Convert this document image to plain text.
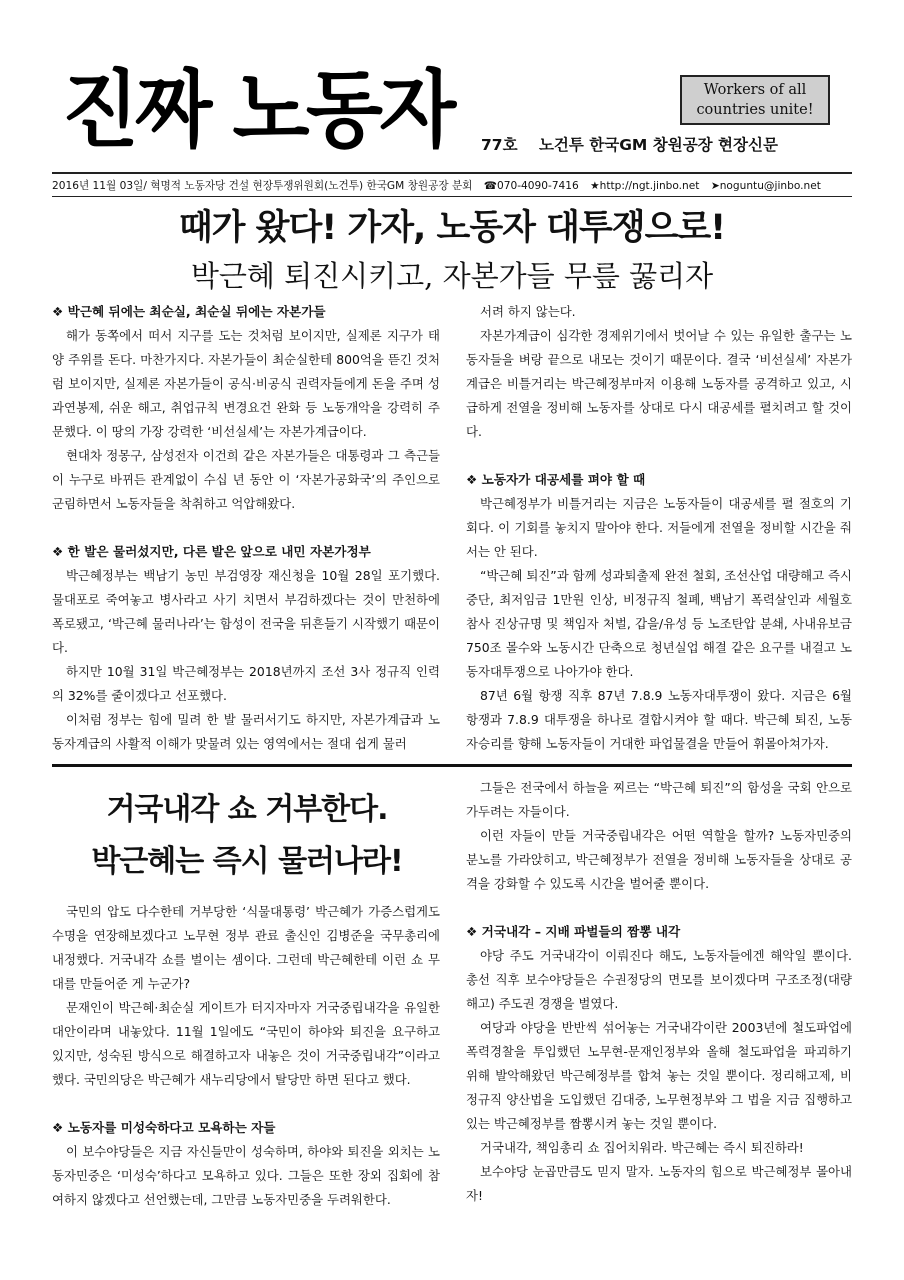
진짜 노동자	Workers of all
countries unite!
77호 노건투 한국GM 창원공장 현장신문
2016년 11월 03일/ 혁명적 노동자당 건설 현장투쟁위원회(노건투) 한국GM 창원공장 분회 ☎070-4090-7416 ★http://ngt.jinbo.net ➤noguntu@jinbo.net
때가 왔다! 가자, 노동자 대투쟁으로!
박근혜 퇴진시키고, 자본가들 무릎 꿇리자

❖ 박근혜 뒤에는 최순실, 최순실 뒤에는 자본가들

해가 동쪽에서 떠서 지구를 도는 것처럼 보이지만, 실제론 지구가 태양 주위를 돈다. 마찬가지다. 자본가들이 최순실한테 800억을 뜯긴 것처럼 보이지만, 실제론 자본가들이 공식·비공식 권력자들에게 돈을 주며 성과연봉제, 쉬운 해고, 취업규칙 변경요건 완화 등 노동개악을 강력히 주문했다. 이 땅의 가장 강력한 ‘비선실세’는 자본가계급이다.

현대차 정몽구, 삼성전자 이건희 같은 자본가들은 대통령과 그 측근들이 누구로 바뀌든 관계없이 수십 년 동안 이 ‘자본가공화국’의 주인으로 군림하면서 노동자들을 착취하고 억압해왔다.

❖ 한 발은 물러섰지만, 다른 발은 앞으로 내민 자본가정부

박근혜정부는 백남기 농민 부검영장 재신청을 10월 28일 포기했다. 물대포로 죽여놓고 병사라고 사기 치면서 부검하겠다는 것이 만천하에 폭로됐고, ‘박근혜 물러나라’는 함성이 전국을 뒤흔들기 시작했기 때문이다.

하지만 10월 31일 박근혜정부는 2018년까지 조선 3사 정규직 인력의 32%를 줄이겠다고 선포했다.

이처럼 정부는 힘에 밀려 한 발 물러서기도 하지만, 자본가계급과 노동자계급의 사활적 이해가 맞물려 있는 영역에서는 절대 쉽게 물러

서려 하지 않는다.

자본가계급이 심각한 경제위기에서 벗어날 수 있는 유일한 출구는 노동자들을 벼랑 끝으로 내모는 것이기 때문이다. 결국 ‘비선실세’ 자본가계급은 비틀거리는 박근혜정부마저 이용해 노동자를 공격하고 있고, 시급하게 전열을 정비해 노동자를 상대로 다시 대공세를 펼치려고 할 것이다.

❖ 노동자가 대공세를 펴야 할 때

박근혜정부가 비틀거리는 지금은 노동자들이 대공세를 펼 절호의 기회다. 이 기회를 놓치지 말아야 한다. 저들에게 전열을 정비할 시간을 줘서는 안 된다.

“박근혜 퇴진”과 함께 성과퇴출제 완전 철회, 조선산업 대량해고 즉시 중단, 최저임금 1만원 인상, 비정규직 철폐, 백남기 폭력살인과 세월호 참사 진상규명 및 책임자 처벌, 갑을/유성 등 노조탄압 분쇄, 사내유보금 750조 몰수와 노동시간 단축으로 청년실업 해결 같은 요구를 내걸고 노동자대투쟁으로 나아가야 한다.

87년 6월 항쟁 직후 87년 7.8.9 노동자대투쟁이 왔다. 지금은 6월 항쟁과 7.8.9 대투쟁을 하나로 결합시켜야 할 때다. 박근혜 퇴진, 노동자승리를 향해 노동자들이 거대한 파업물결을 만들어 휘몰아쳐가자.

거국내각 쇼 거부한다.
박근혜는 즉시 물러나라!

국민의 압도 다수한테 거부당한 ‘식물대통령’ 박근혜가 가증스럽게도 수명을 연장해보겠다고 노무현 정부 관료 출신인 김병준을 국무총리에 내정했다. 거국내각 쇼를 벌이는 셈이다. 그런데 박근혜한테 이런 쇼 무대를 만들어준 게 누군가?

문재인이 박근혜·최순실 게이트가 터지자마자 거국중립내각을 유일한 대안이라며 내놓았다. 11월 1일에도 “국민이 하야와 퇴진을 요구하고 있지만, 성숙된 방식으로 해결하고자 내놓은 것이 거국중립내각”이라고 했다. 국민의당은 박근혜가 새누리당에서 탈당만 하면 된다고 했다.

❖ 노동자를 미성숙하다고 모욕하는 자들

이 보수야당들은 지금 자신들만이 성숙하며, 하야와 퇴진을 외치는 노동자민중은 ‘미성숙’하다고 모욕하고 있다. 그들은 또한 장외 집회에 참여하지 않겠다고 선언했는데, 그만큼 노동자민중을 두려워한다.

그들은 전국에서 하늘을 찌르는 “박근혜 퇴진”의 함성을 국회 안으로 가두려는 자들이다.

이런 자들이 만들 거국중립내각은 어떤 역할을 할까? 노동자민중의 분노를 가라앉히고, 박근혜정부가 전열을 정비해 노동자들을 상대로 공격을 강화할 수 있도록 시간을 벌어줄 뿐이다.

❖ 거국내각 – 지배 파벌들의 짬뽕 내각

야당 주도 거국내각이 이뤄진다 해도, 노동자들에겐 해악일 뿐이다. 총선 직후 보수야당들은 수권정당의 면모를 보이겠다며 구조조정(대량해고) 주도권 경쟁을 벌였다.

여당과 야당을 반반씩 섞어놓는 거국내각이란 2003년에 철도파업에 폭력경찰을 투입했던 노무현-문재인정부와 올해 철도파업을 파괴하기 위해 발악해왔던 박근혜정부를 합쳐 놓는 것일 뿐이다. 정리해고제, 비정규직 양산법을 도입했던 김대중, 노무현정부와 그 법을 지금 집행하고 있는 박근혜정부를 짬뽕시켜 놓는 것일 뿐이다.

거국내각, 책임총리 쇼 집어치워라. 박근혜는 즉시 퇴진하라!

보수야당 눈곱만큼도 믿지 말자. 노동자의 힘으로 박근혜정부 몰아내자!
